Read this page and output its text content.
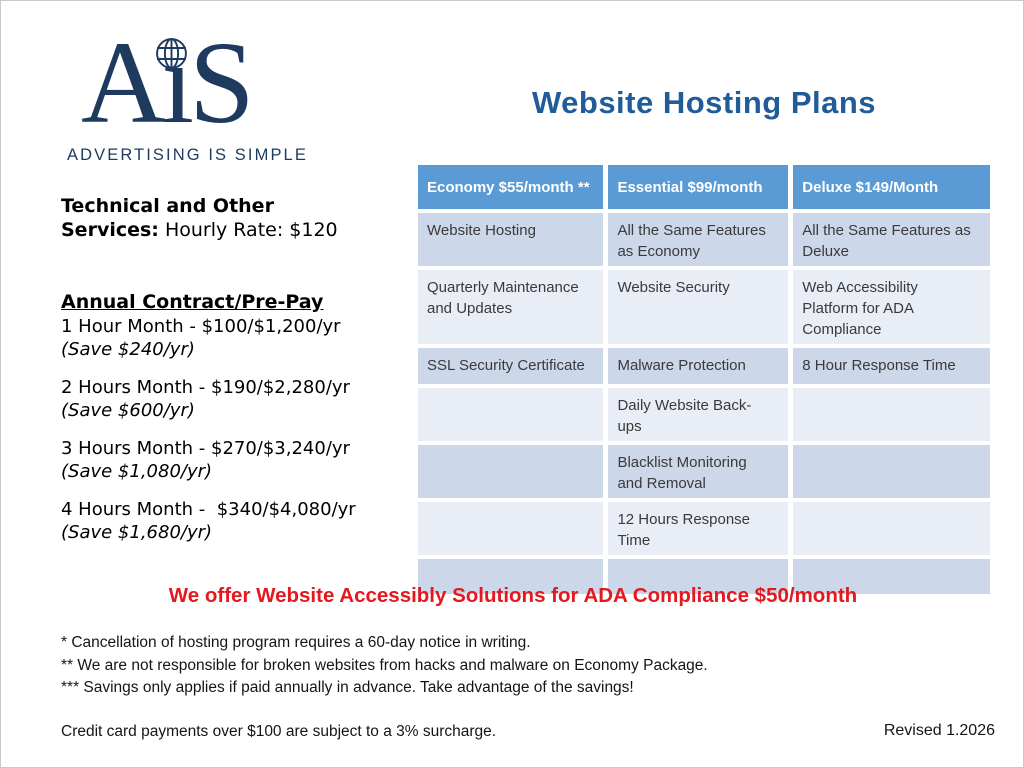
AıS
ADVERTISING IS SIMPLE
Website Hosting Plans
Technical and Other
Services: Hourly Rate: $120
Annual Contract/Pre-Pay
1 Hour Month - $100/$1,200/yr
(Save $240/yr)
2 Hours Month - $190/$2,280/yr
(Save $600/yr)
3 Hours Month - $270/$3,240/yr
(Save $1,080/yr)
4 Hours Month -  $340/$4,080/yr
(Save $1,680/yr)
Economy $55/month **	Essential $99/month	Deluxe $149/Month
Website Hosting	All the Same Features as Economy	All the Same Features as Deluxe
Quarterly Maintenance and Updates	Website Security	Web Accessibility Platform for ADA Compliance
SSL Security Certificate	Malware Protection	8 Hour Response Time
	Daily Website Back-ups	
	Blacklist Monitoring and Removal	
	12 Hours Response Time	

We offer Website Accessibly Solutions for ADA Compliance $50/month
* Cancellation of hosting program requires a 60-day notice in writing.
** We are not responsible for broken websites from hacks and malware on Economy Package.
*** Savings only applies if paid annually in advance. Take advantage of the savings!
Credit card payments over $100 are subject to a 3% surcharge.	Revised 1.2026
